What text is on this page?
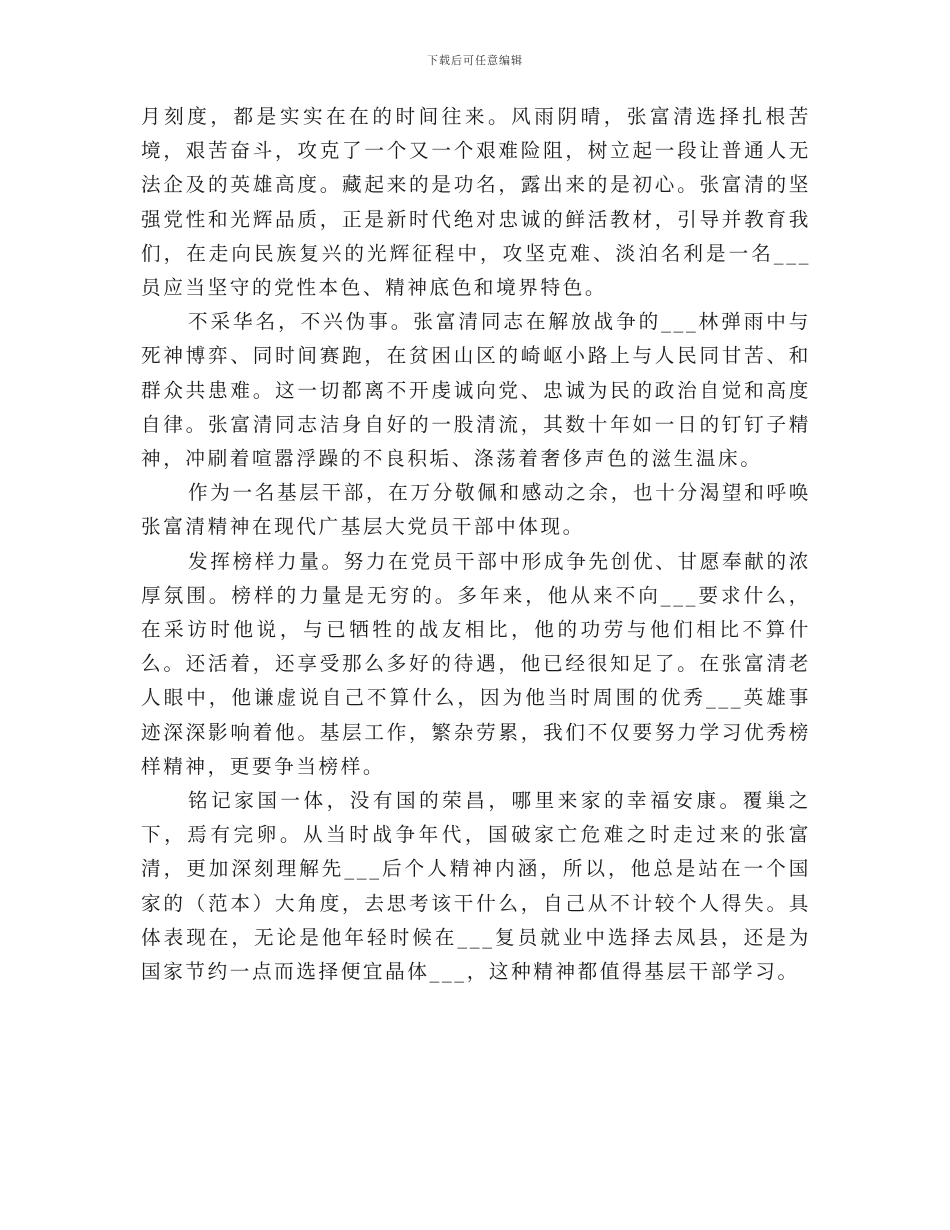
下载后可任意编辑

月刻度，都是实实在在的时间往来。风雨阴晴，张富清选择扎根苦境，艰苦奋斗，攻克了一个又一个艰难险阻，树立起一段让普通人无法企及的英雄高度。藏起来的是功名，露出来的是初心。张富清的坚强党性和光辉品质，正是新时代绝对忠诚的鲜活教材，引导并教育我们，在走向民族复兴的光辉征程中，攻坚克难、淡泊名利是一名___员应当坚守的党性本色、精神底色和境界特色。

不采华名，不兴伪事。张富清同志在解放战争的___林弹雨中与死神博弈、同时间赛跑，在贫困山区的崎岖小路上与人民同甘苦、和群众共患难。这一切都离不开虔诚向党、忠诚为民的政治自觉和高度自律。张富清同志洁身自好的一股清流，其数十年如一日的钉钉子精神，冲刷着喧嚣浮躁的不良积垢、涤荡着奢侈声色的滋生温床。

作为一名基层干部，在万分敬佩和感动之余，也十分渴望和呼唤张富清精神在现代广基层大党员干部中体现。

发挥榜样力量。努力在党员干部中形成争先创优、甘愿奉献的浓厚氛围。榜样的力量是无穷的。多年来，他从来不向___要求什么，在采访时他说，与已牺牲的战友相比，他的功劳与他们相比不算什么。还活着，还享受那么多好的待遇，他已经很知足了。在张富清老人眼中，他谦虚说自己不算什么，因为他当时周围的优秀___英雄事迹深深影响着他。基层工作，繁杂劳累，我们不仅要努力学习优秀榜样精神，更要争当榜样。

铭记家国一体，没有国的荣昌，哪里来家的幸福安康。覆巢之下，焉有完卵。从当时战争年代，国破家亡危难之时走过来的张富清，更加深刻理解先___后个人精神内涵，所以，他总是站在一个国家的（范本）大角度，去思考该干什么，自己从不计较个人得失。具体表现在，无论是他年轻时候在___复员就业中选择去凤县，还是为国家节约一点而选择便宜晶体___，这种精神都值得基层干部学习。
